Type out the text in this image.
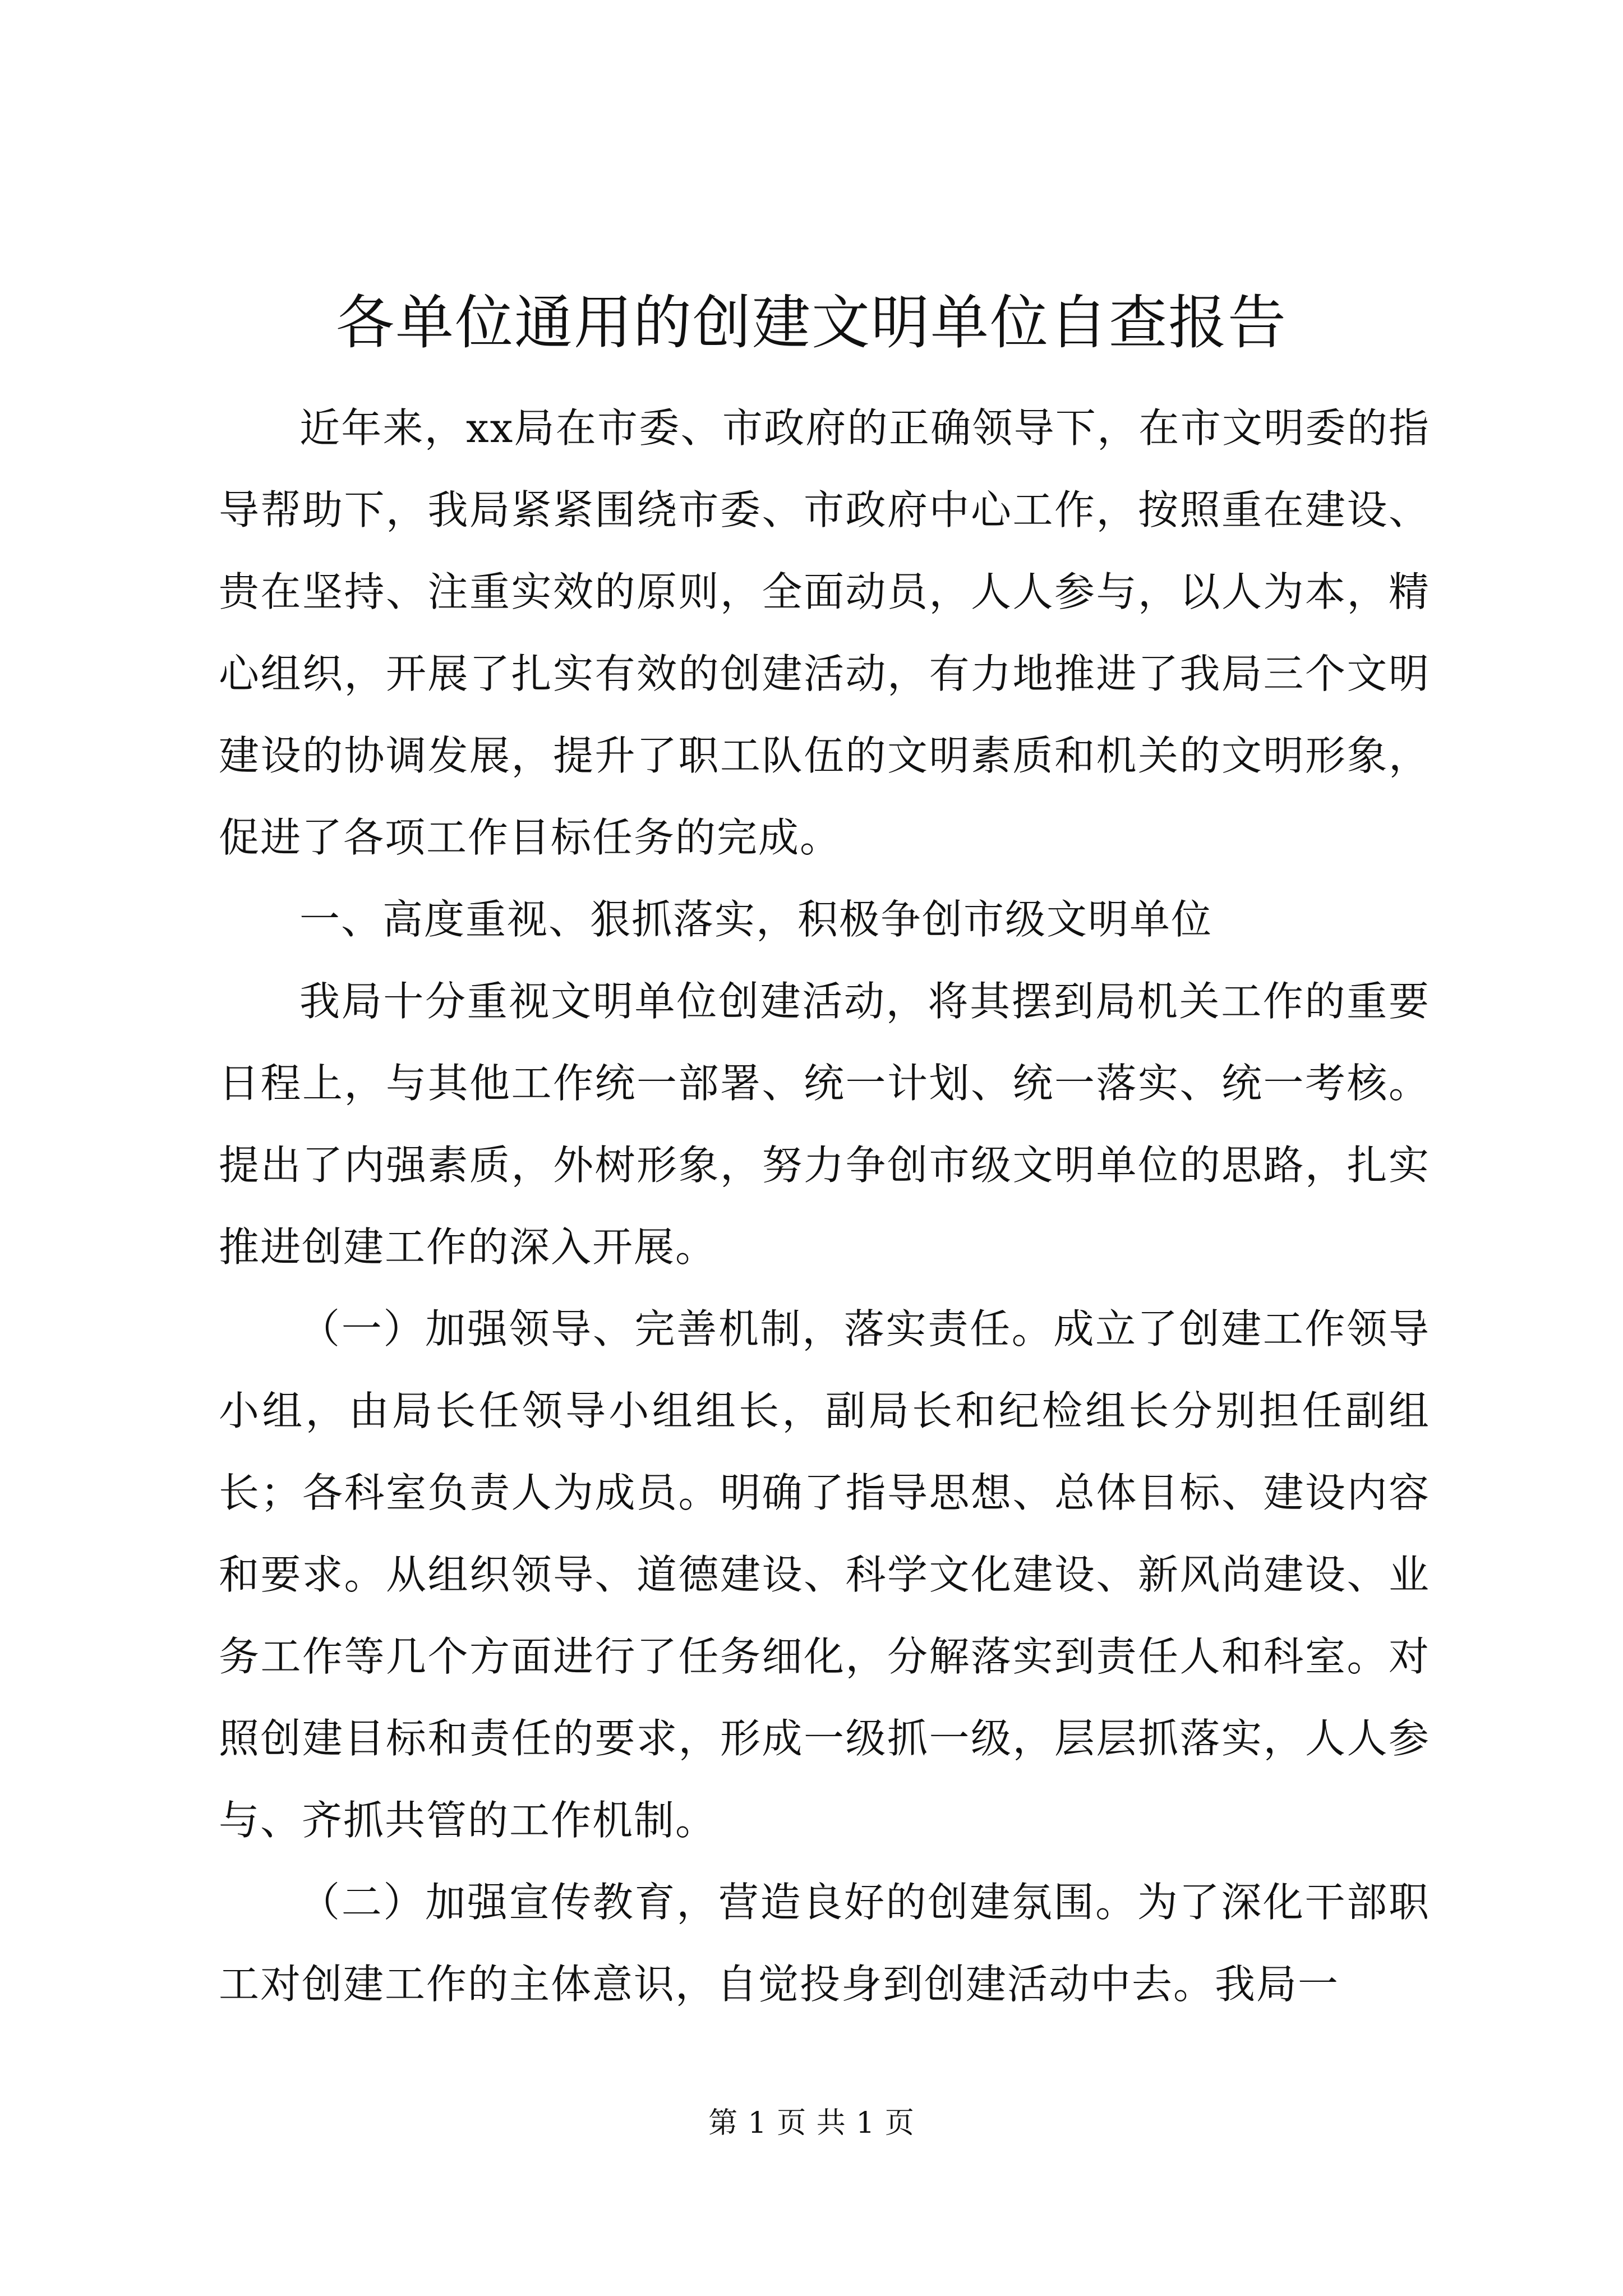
各单位通用的创建文明单位自查报告

近年来，xx局在市委、市政府的正确领导下，在市文明委的指导帮助下，我局紧紧围绕市委、市政府中心工作，按照重在建设、贵在坚持、注重实效的原则，全面动员，人人参与，以人为本，精心组织，开展了扎实有效的创建活动，有力地推进了我局三个文明建设的协调发展，提升了职工队伍的文明素质和机关的文明形象，促进了各项工作目标任务的完成。

一、高度重视、狠抓落实，积极争创市级文明单位

我局十分重视文明单位创建活动，将其摆到局机关工作的重要日程上，与其他工作统一部署、统一计划、统一落实、统一考核。提出了内强素质，外树形象，努力争创市级文明单位的思路，扎实推进创建工作的深入开展。

（一）加强领导、完善机制，落实责任。成立了创建工作领导小组，由局长任领导小组组长，副局长和纪检组长分别担任副组长；各科室负责人为成员。明确了指导思想、总体目标、建设内容和要求。从组织领导、道德建设、科学文化建设、新风尚建设、业务工作等几个方面进行了任务细化，分解落实到责任人和科室。对照创建目标和责任的要求，形成一级抓一级，层层抓落实，人人参与、齐抓共管的工作机制。

（二）加强宣传教育，营造良好的创建氛围。为了深化干部职工对创建工作的主体意识，自觉投身到创建活动中去。我局一

第 1 页 共 1 页
